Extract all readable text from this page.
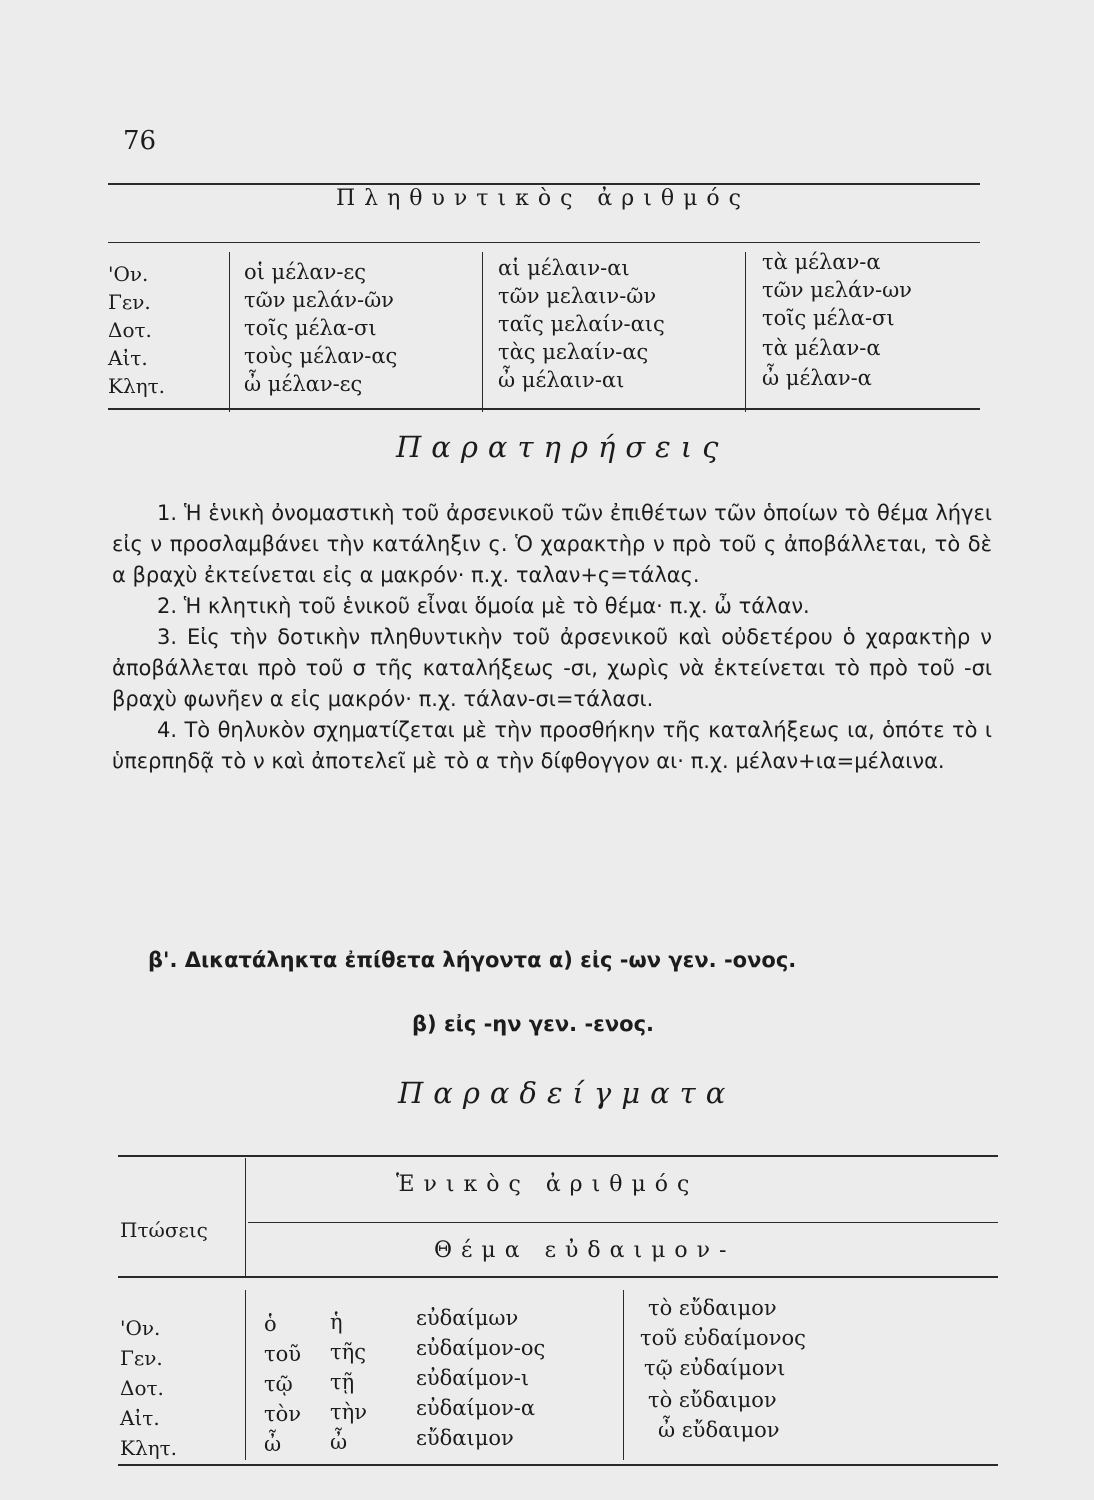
76
Πληθυντικὸς ἀριθμός
'Ον.
Γεν.
Δοτ.
Αἰτ.
Κλητ.
οἱ μέλαν-ες
τῶν μελάν-ῶν
τοῖς μέλα-σι
τοὺς μέλαν-ας
ὦ μέλαν-ες
αἱ μέλαιν-αι
τῶν μελαιν-ῶν
ταῖς μελαίν-αις
τὰς μελαίν-ας
ὦ μέλαιν-αι
τὰ μέλαν-α
τῶν μελάν-ων
τοῖς μέλα-σι
τὰ μέλαν-α
ὦ μέλαν-α
Παρατηρήσεις

1. Ἡ ἑνικὴ ὀνομαστικὴ τοῦ ἀρσενικοῦ τῶν ἐπιθέτων τῶν ὁποίων τὸ θέμα λήγει εἰς ν προσλαμβάνει τὴν κατάληξιν ς. Ὁ χαρακτὴρ ν πρὸ τοῦ ς ἀποβάλλεται, τὸ δὲ α βραχὺ ἐκτείνεται εἰς α μακρόν· π.χ. ταλαν+ς=τάλας.

2. Ἡ κλητικὴ τοῦ ἑνικοῦ εἶναι ὅμοία μὲ τὸ θέμα· π.χ. ὦ τάλαν.

3. Εἰς τὴν δοτικὴν πληθυντικὴν τοῦ ἀρσενικοῦ καὶ οὐδετέρου ὁ χαρακτὴρ ν ἀποβάλλεται πρὸ τοῦ σ τῆς καταλήξεως -σι, χωρὶς νὰ ἐκτείνεται τὸ πρὸ τοῦ -σι βραχὺ φωνῆεν α εἰς μακρόν· π.χ. τάλαν-σι=τάλασι.

4. Τὸ θηλυκὸν σχηματίζεται μὲ τὴν προσθήκην τῆς καταλήξεως ια, ὁπότε τὸ ι ὑπερπηδᾷ τὸ ν καὶ ἀποτελεῖ μὲ τὸ α τὴν δίφθογγον αι· π.χ. μέλαν+ια=μέλαινα.

β'. Δικατάληκτα ἐπίθετα λήγοντα α) εἰς -ων γεν. -ονος.
β) εἰς -ην γεν. -ενος.
Παραδείγματα
Ἑνικὸς ἀριθμός
Πτώσεις
Θέμα εὐδαιμον-
'Ον.
Γεν.
Δοτ.
Αἰτ.
Κλητ.
ὁ
τοῦ
τῷ
τὸν
ὦ
ἡ
τῆς
τῇ
τὴν
ὦ
εὐδαίμων
εὐδαίμον-ος
εὐδαίμον-ι
εὐδαίμον-α
εὔδαιμον
τὸ εὔδαιμον
τοῦ εὐδαίμονος
τῷ εὐδαίμονι
τὸ εὔδαιμον
ὦ εὔδαιμον
